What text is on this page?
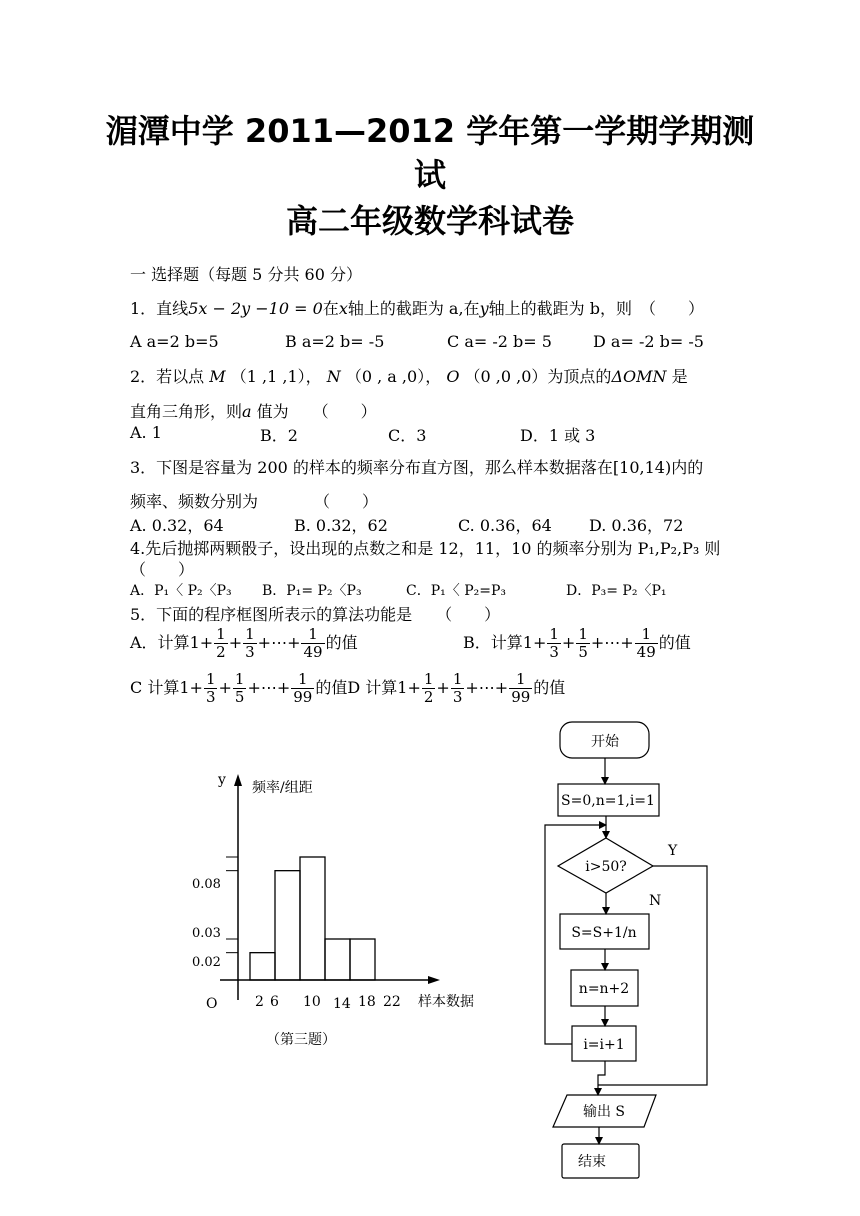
湄潭中学 2011—2012 学年第一学期学期测
试
高二年级数学科试卷
一 选择题（每题 5 分共 60 分）
1．直线5x − 2y −10 = 0在x轴上的截距为 a,在y轴上的截距为 b，则　（　　）
A a=2 b=5	B a=2 b= -5	C a= -2 b= 5	D a= -2 b= -5
2．若以点 M （1 ,1 ,1）， N （0 , a ,0）， O （0 ,0 ,0）为顶点的ΔOMN 是
直角三角形，则a 值为　　（　　）
A. 1	B．2	C．3	D．1 或 3
3．下图是容量为 200 的样本的频率分布直方图，那么样本数据落在[10,14)内的
频率、频数分别为　　　　（　　）
A. 0.32，64	B. 0.32，62	C. 0.36，64 D. 0.36，72
4.先后抛掷两颗骰子，设出现的点数之和是 12，11，10 的频率分别为 P₁,P₂,P₃ 则
（　　）
A．P₁〈 P₂〈P₃ B．P₁= P₂〈P₃	C．P₁〈 P₂=P₃	D．P₃= P₂〈P₁
5．下面的程序框图所表示的算法功能是　　（　　）
A．计算$1+ \frac{1}{2} + \frac{1}{3}$ +⋯+ $\frac{1}{49}$ 的值	B．计算$1+ \frac{1}{3} + \frac{1}{5}$ +⋯+ $\frac{1}{49}$ 的值
C 计算$1+ \frac{1}{3} + \frac{1}{5}$ +⋯+ $\frac{1}{99}$ 的值D 计算$1+ \frac{1}{2} + \frac{1}{3}$ +⋯+ $\frac{1}{99}$ 的值
0.08
0.03
0.02
2 6 10 14 18 22
y 频率/组距
O	样本数据
（第三题）
开始
S=0,n=1,i=1
i>50?
Y
N
S=S+1/n
n=n+2
i=i+1
输出 S
结束
